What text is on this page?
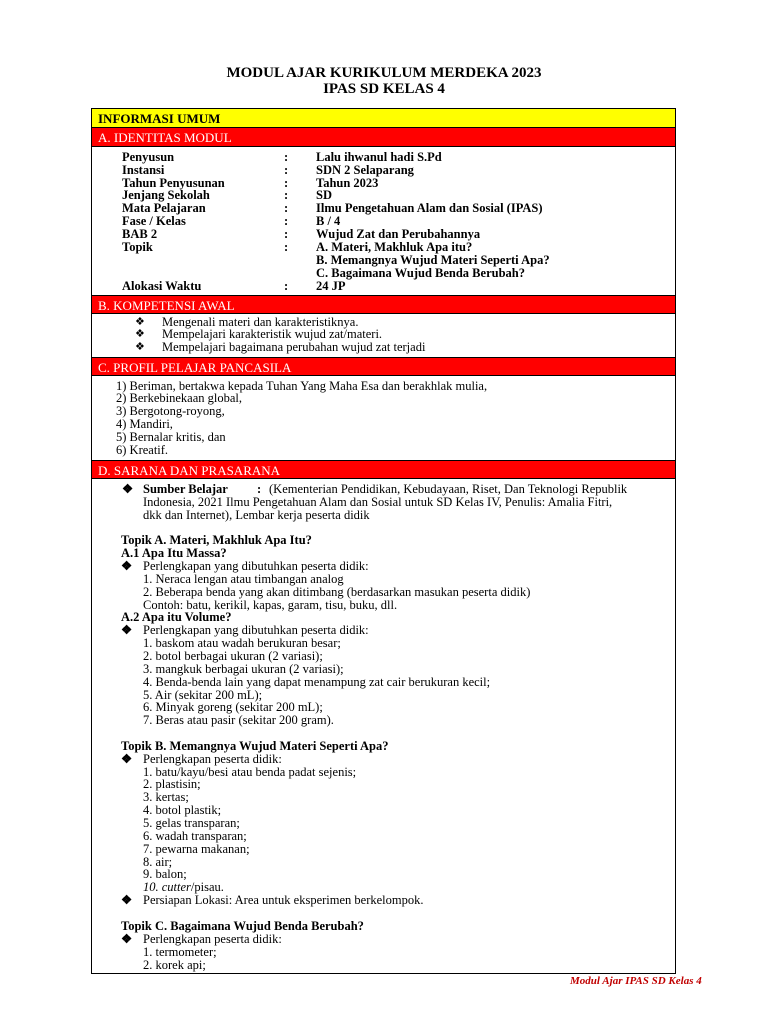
MODUL AJAR KURIKULUM MERDEKA 2023
IPAS SD KELAS 4
INFORMASI UMUM
A. IDENTITAS MODUL
Penyusun	: Lalu ihwanul hadi S.Pd
Instansi	: SDN 2 Selaparang
Tahun Penyusunan	: Tahun 2023
Jenjang Sekolah	: SD
Mata Pelajaran	: Ilmu Pengetahuan Alam dan Sosial (IPAS)
Fase / Kelas	: B / 4
BAB 2	: Wujud Zat dan Perubahannya
Topik	: A. Materi, Makhluk Apa itu?
B. Memangnya Wujud Materi Seperti Apa?
C. Bagaimana Wujud Benda Berubah?
Alokasi Waktu	: 24 JP
B. KOMPETENSI AWAL
❖ Mengenali materi dan karakteristiknya.
❖ Mempelajari karakteristik wujud zat/materi.
❖ Mempelajari bagaimana perubahan wujud zat terjadi
C. PROFIL PELAJAR PANCASILA
1) Beriman, bertakwa kepada Tuhan Yang Maha Esa dan berakhlak mulia,
2) Berkebinekaan global,
3) Bergotong-royong,
4) Mandiri,
5) Bernalar kritis, dan
6) Kreatif.
D. SARANA DAN PRASARANA
❖ Sumber Belajar : (Kementerian Pendidikan, Kebudayaan, Riset, Dan Teknologi Republik
Indonesia, 2021 Ilmu Pengetahuan Alam dan Sosial untuk SD Kelas IV, Penulis: Amalia Fitri,
dkk dan Internet), Lembar kerja peserta didik
Topik A. Materi, Makhluk Apa Itu?
A.1 Apa Itu Massa?
❖ Perlengkapan yang dibutuhkan peserta didik:
1. Neraca lengan atau timbangan analog
2. Beberapa benda yang akan ditimbang (berdasarkan masukan peserta didik)
Contoh: batu, kerikil, kapas, garam, tisu, buku, dll.
A.2 Apa itu Volume?
❖ Perlengkapan yang dibutuhkan peserta didik:
1. baskom atau wadah berukuran besar;
2. botol berbagai ukuran (2 variasi);
3. mangkuk berbagai ukuran (2 variasi);
4. Benda-benda lain yang dapat menampung zat cair berukuran kecil;
5. Air (sekitar 200 mL);
6. Minyak goreng (sekitar 200 mL);
7. Beras atau pasir (sekitar 200 gram).
Topik B. Memangnya Wujud Materi Seperti Apa?
❖ Perlengkapan peserta didik:
1. batu/kayu/besi atau benda padat sejenis;
2. plastisin;
3. kertas;
4. botol plastik;
5. gelas transparan;
6. wadah transparan;
7. pewarna makanan;
8. air;
9. balon;
10. cutter/pisau.
❖ Persiapan Lokasi: Area untuk eksperimen berkelompok.
Topik C. Bagaimana Wujud Benda Berubah?
❖ Perlengkapan peserta didik:
1. termometer;
2. korek api;
Modul Ajar IPAS SD Kelas 4
